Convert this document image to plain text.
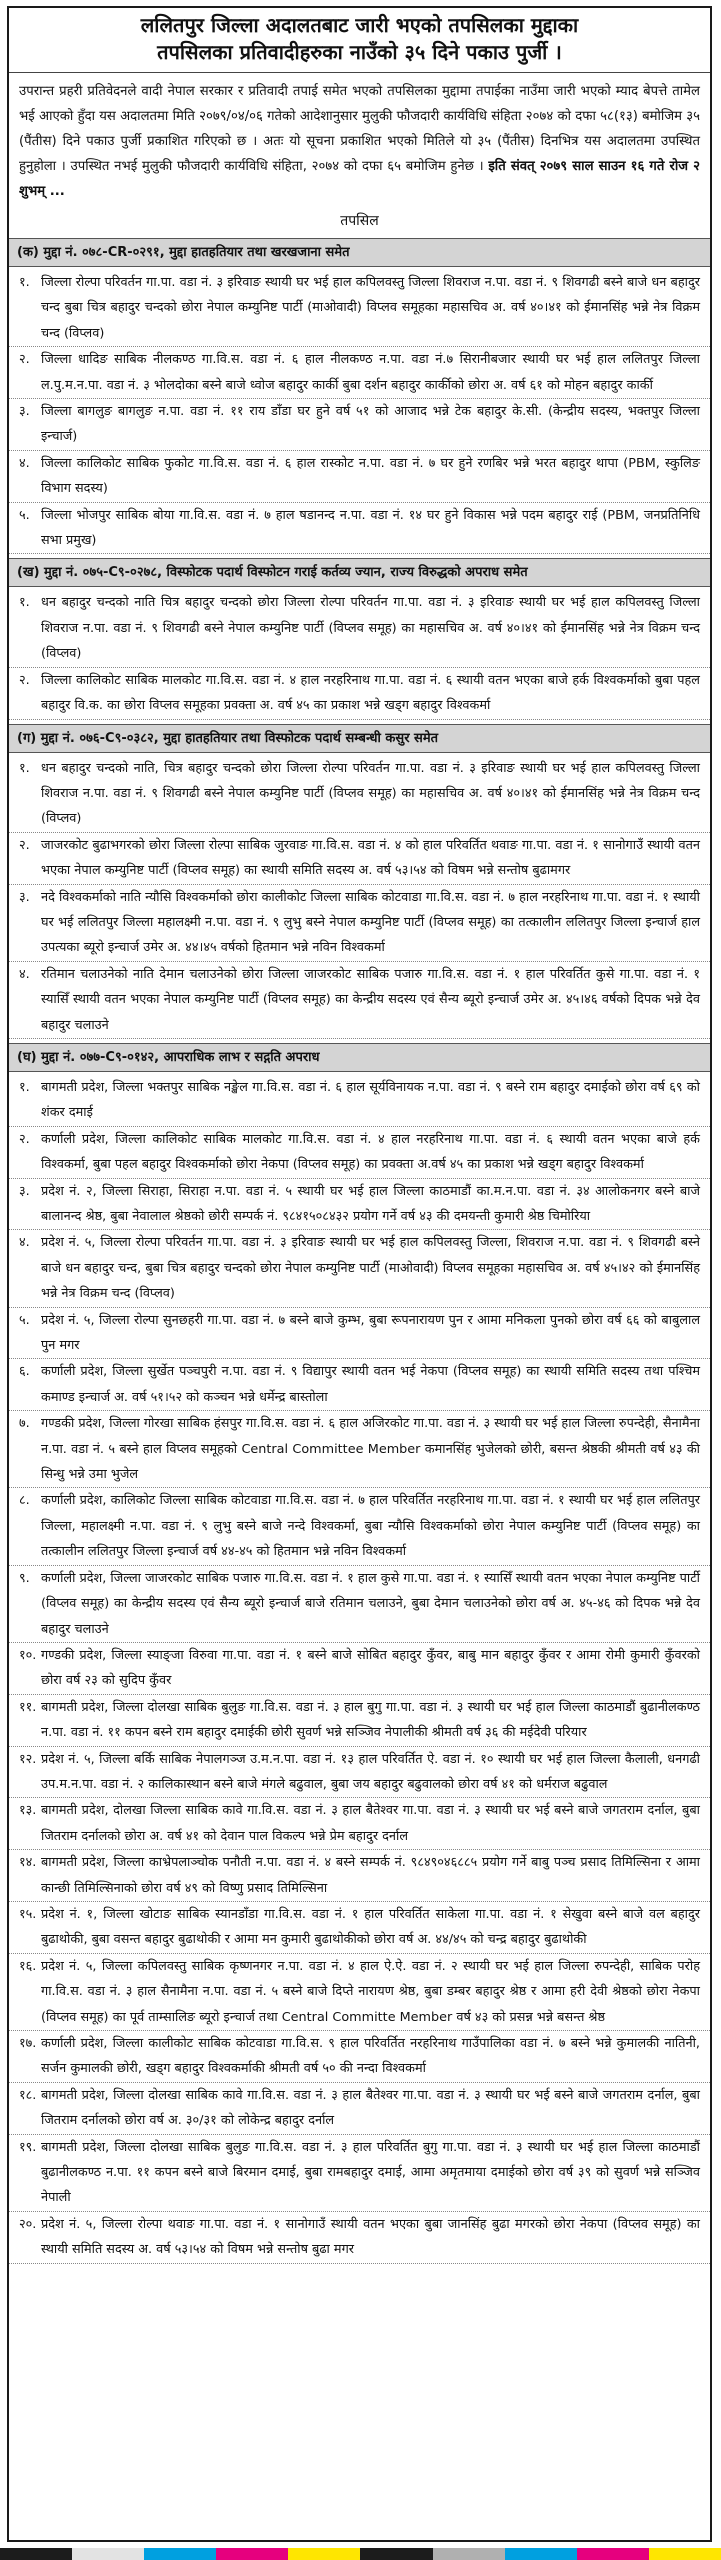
ललितपुर जिल्ला अदालतबाट जारी भएको तपसिलका मुद्दाका
तपसिलका प्रतिवादीहरुका नाउँको ३५ दिने पकाउ पुर्जी ।
उपरान्त प्रहरी प्रतिवेदनले वादी नेपाल सरकार र प्रतिवादी तपाई समेत भएको तपसिलका मुद्दामा तपाईका नाउँमा जारी भएको म्याद बेपत्ते तामेल भई आएको हुँदा यस अदालतमा मिति २०७९/०४/०६ गतेको आदेशानुसार मुलुकी फौजदारी कार्यविधि संहिता २०७४ को दफा ५८(१३) बमोजिम ३५ (पैंतीस) दिने पकाउ पुर्जी प्रकाशित गरिएको छ । अतः यो सूचना प्रकाशित भएको मितिले यो ३५ (पैंतीस) दिनभित्र यस अदालतमा उपस्थित हुनुहोला । उपस्थित नभई मुलुकी फौजदारी कार्यविधि संहिता, २०७४ को दफा ६५ बमोजिम हुनेछ । इति संवत् २०७९ साल साउन १६ गते रोज २ शुभम् ...
तपसिल
(क) मुद्दा नं. ०७८-CR-०२९१, मुद्दा हातहतियार तथा खरखजाना समेत
१. जिल्ला रोल्पा परिवर्तन गा.पा. वडा नं. ३ इरिवाङ स्थायी घर भई हाल कपिलवस्तु जिल्ला शिवराज न.पा. वडा नं. ९ शिवगढी बस्ने बाजे धन बहादुर चन्द बुबा चित्र बहादुर चन्दको छोरा नेपाल कम्युनिष्ट पार्टी (माओवादी) विप्लव समूहका महासचिव अ. वर्ष ४०।४१ को ईमानसिंह भन्ने नेत्र विक्रम चन्द (विप्लव)
२. जिल्ला धादिङ साबिक नीलकण्ठ गा.वि.स. वडा नं. ६ हाल नीलकण्ठ न.पा. वडा नं.७ सिरानीबजार स्थायी घर भई हाल ललितपुर जिल्ला ल.पु.म.न.पा. वडा नं. ३ भोलदोका बस्ने बाजे ध्वोज बहादुर कार्की बुबा दर्शन बहादुर कार्कीको छोरा अ. वर्ष ६१ को मोहन बहादुर कार्की
३. जिल्ला बागलुङ बागलुङ न.पा. वडा नं. ११ राय डाँडा घर हुने वर्ष ५१ को आजाद भन्ने टेक बहादुर के.सी. (केन्द्रीय सदस्य, भक्तपुर जिल्ला इन्चार्ज)
४. जिल्ला कालिकोट साबिक फुकोट गा.वि.स. वडा नं. ६ हाल रास्कोट न.पा. वडा नं. ७ घर हुने रणबिर भन्ने भरत बहादुर थापा (PBM, स्कुलिङ विभाग सदस्य)
५. जिल्ला भोजपुर साबिक बोया गा.वि.स. वडा नं. ७ हाल षडानन्द न.पा. वडा नं. १४ घर हुने विकास भन्ने पदम बहादुर राई (PBM, जनप्रतिनिधि सभा प्रमुख)
(ख) मुद्दा नं. ०७५-C९-०२७८, विस्फोटक पदार्थ विस्फोटन गराई कर्तव्य ज्यान, राज्य विरुद्धको अपराध समेत
१. धन बहादुर चन्दको नाति चित्र बहादुर चन्दको छोरा जिल्ला रोल्पा परिवर्तन गा.पा. वडा नं. ३ इरिवाङ स्थायी घर भई हाल कपिलवस्तु जिल्ला शिवराज न.पा. वडा नं. ९ शिवगढी बस्ने नेपाल कम्युनिष्ट पार्टी (विप्लव समूह) का महासचिव अ. वर्ष ४०।४१ को ईमानसिंह भन्ने नेत्र विक्रम चन्द (विप्लव)
२. जिल्ला कालिकोट साबिक मालकोट गा.वि.स. वडा नं. ४ हाल नरहरिनाथ गा.पा. वडा नं. ६ स्थायी वतन भएका बाजे हर्क विश्वकर्माको बुबा पहल बहादुर वि.क. का छोरा विप्लव समूहका प्रवक्ता अ. वर्ष ४५ का प्रकाश भन्ने खड्ग बहादुर विश्वकर्मा
(ग) मुद्दा नं. ०७६-C९-०३८२, मुद्दा हातहतियार तथा विस्फोटक पदार्थ सम्बन्धी कसुर समेत
१. धन बहादुर चन्दको नाति, चित्र बहादुर चन्दको छोरा जिल्ला रोल्पा परिवर्तन गा.पा. वडा नं. ३ इरिवाङ स्थायी घर भई हाल कपिलवस्तु जिल्ला शिवराज न.पा. वडा नं. ९ शिवगढी बस्ने नेपाल कम्युनिष्ट पार्टी (विप्लव समूह) का महासचिव अ. वर्ष ४०।४१ को ईमानसिंह भन्ने नेत्र विक्रम चन्द (विप्लव)
२. जाजरकोट बुढाभगरको छोरा जिल्ला रोल्पा साबिक जुरवाङ गा.वि.स. वडा नं. ४ को हाल परिवर्तित थवाङ गा.पा. वडा नं. १ सानोगाउँ स्थायी वतन भएका नेपाल कम्युनिष्ट पार्टी (विप्लव समूह) का स्थायी समिति सदस्य अ. वर्ष ५३।५४ को विषम भन्ने सन्तोष बुढामगर
३. नदे विश्वकर्माको नाति न्यौसि विश्वकर्माको छोरा कालीकोट जिल्ला साबिक कोटवाडा गा.वि.स. वडा नं. ७ हाल नरहरिनाथ गा.पा. वडा नं. १ स्थायी घर भई ललितपुर जिल्ला महालक्ष्मी न.पा. वडा नं. ९ लुभु बस्ने नेपाल कम्युनिष्ट पार्टी (विप्लव समूह) का तत्कालीन ललितपुर जिल्ला इन्चार्ज हाल उपत्यका ब्यूरो इन्चार्ज उमेर अ. ४४।४५ वर्षको हितमान भन्ने नविन विश्वकर्मा
४. रतिमान चलाउनेको नाति देमान चलाउनेको छोरा जिल्ला जाजरकोट साबिक पजारु गा.वि.स. वडा नं. १ हाल परिवर्तित कुसे गा.पा. वडा नं. १ स्यासिँ स्थायी वतन भएका नेपाल कम्युनिष्ट पार्टी (विप्लव समूह) का केन्द्रीय सदस्य एवं सैन्य ब्यूरो इन्चार्ज उमेर अ. ४५।४६ वर्षको दिपक भन्ने देव बहादुर चलाउने
(घ) मुद्दा नं. ०७७-C९-०१४२, आपराधिक लाभ र सद्गति अपराध
१. बागमती प्रदेश, जिल्ला भक्तपुर साबिक नङ्खेल गा.वि.स. वडा नं. ६ हाल सूर्यविनायक न.पा. वडा नं. ९ बस्ने राम बहादुर दमाईको छोरा वर्ष ६९ को शंकर दमाई
२. कर्णाली प्रदेश, जिल्ला कालिकोट साबिक मालकोट गा.वि.स. वडा नं. ४ हाल नरहरिनाथ गा.पा. वडा नं. ६ स्थायी वतन भएका बाजे हर्क विश्वकर्मा, बुबा पहल बहादुर विश्वकर्माको छोरा नेकपा (विप्लव समूह) का प्रवक्ता अ.वर्ष ४५ का प्रकाश भन्ने खड्ग बहादुर विश्वकर्मा
३. प्रदेश नं. २, जिल्ला सिराहा, सिराहा न.पा. वडा नं. ५ स्थायी घर भई हाल जिल्ला काठमाडौं का.म.न.पा. वडा नं. ३४ आलोकनगर बस्ने बाजे बालानन्द श्रेष्ठ, बुबा नेवालाल श्रेष्ठको छोरी सम्पर्क नं. ९८४१५०८४३२ प्रयोग गर्ने वर्ष ४३ की दमयन्ती कुमारी श्रेष्ठ चिमोरिया
४. प्रदेश नं. ५, जिल्ला रोल्पा परिवर्तन गा.पा. वडा नं. ३ इरिवाङ स्थायी घर भई हाल कपिलवस्तु जिल्ला, शिवराज न.पा. वडा नं. ९ शिवगढी बस्ने बाजे धन बहादुर चन्द, बुबा चित्र बहादुर चन्दको छोरा नेपाल कम्युनिष्ट पार्टी (माओवादी) विप्लव समूहका महासचिव अ. वर्ष ४५।४२ को ईमानसिंह भन्ने नेत्र विक्रम चन्द (विप्लव)
५. प्रदेश नं. ५, जिल्ला रोल्पा सुनछहरी गा.पा. वडा नं. ७ बस्ने बाजे कुम्भ, बुबा रूपनारायण पुन र आमा मनिकला पुनको छोरा वर्ष ६६ को बाबुलाल पुन मगर
६. कर्णाली प्रदेश, जिल्ला सुर्खेत पञ्चपुरी न.पा. वडा नं. ९ विद्यापुर स्थायी वतन भई नेकपा (विप्लव समूह) का स्थायी समिति सदस्य तथा पश्चिम कमाण्ड इन्चार्ज अ. वर्ष ५१।५२ को कञ्चन भन्ने धर्मेन्द्र बास्तोला
७. गण्डकी प्रदेश, जिल्ला गोरखा साबिक हंसपुर गा.वि.स. वडा नं. ६ हाल अजिरकोट गा.पा. वडा नं. ३ स्थायी घर भई हाल जिल्ला रुपन्देही, सैनामैना न.पा. वडा नं. ५ बस्ने हाल विप्लव समूहको Central Committee Member कमानसिंह भुजेलको छोरी, बसन्त श्रेष्ठकी श्रीमती वर्ष ४३ की सिन्धु भन्ने उमा भुजेल
८. कर्णाली प्रदेश, कालिकोट जिल्ला साबिक कोटवाडा गा.वि.स. वडा नं. ७ हाल परिवर्तित नरहरिनाथ गा.पा. वडा नं. १ स्थायी घर भई हाल ललितपुर जिल्ला, महालक्ष्मी न.पा. वडा नं. ९ लुभु बस्ने बाजे नन्दे विश्वकर्मा, बुबा न्यौसि विश्वकर्माको छोरा नेपाल कम्युनिष्ट पार्टी (विप्लव समूह) का तत्कालीन ललितपुर जिल्ला इन्चार्ज वर्ष ४४-४५ को हितमान भन्ने नविन विश्वकर्मा
९. कर्णाली प्रदेश, जिल्ला जाजरकोट साबिक पजारु गा.वि.स. वडा नं. १ हाल कुसे गा.पा. वडा नं. १ स्यासिँ स्थायी वतन भएका नेपाल कम्युनिष्ट पार्टी (विप्लव समूह) का केन्द्रीय सदस्य एवं सैन्य ब्यूरो इन्चार्ज बाजे रतिमान चलाउने, बुबा देमान चलाउनेको छोरा वर्ष अ. ४५-४६ को दिपक भन्ने देव बहादुर चलाउने
१०. गण्डकी प्रदेश, जिल्ला स्याङ्जा विरुवा गा.पा. वडा नं. १ बस्ने बाजे सोबित बहादुर कुँवर, बाबु मान बहादुर कुँवर र आमा रोमी कुमारी कुँवरको छोरा वर्ष २३ को सुदिप कुँवर
११. बागमती प्रदेश, जिल्ला दोलखा साबिक बुलुङ गा.वि.स. वडा नं. ३ हाल बुगु गा.पा. वडा नं. ३ स्थायी घर भई हाल जिल्ला काठमाडौं बुढानीलकण्ठ न.पा. वडा नं. ११ कपन बस्ने राम बहादुर दमाईकी छोरी सुवर्ण भन्ने सञ्जिव नेपालीकी श्रीमती वर्ष ३६ की मईदेवी परियार
१२. प्रदेश नं. ५, जिल्ला बर्कि साबिक नेपालगञ्ज उ.म.न.पा. वडा नं. १३ हाल परिवर्तित ऐ. वडा नं. १० स्थायी घर भई हाल जिल्ला कैलाली, धनगढी उप.म.न.पा. वडा नं. २ कालिकास्थान बस्ने बाजे मंगले बढुवाल, बुबा जय बहादुर बढुवालको छोरा वर्ष ४१ को धर्मराज बढुवाल
१३. बागमती प्रदेश, दोलखा जिल्ला साबिक कावे गा.वि.स. वडा नं. ३ हाल बैतेश्वर गा.पा. वडा नं. ३ स्थायी घर भई बस्ने बाजे जगतराम दर्नाल, बुबा जितराम दर्नालको छोरा अ. वर्ष ४१ को देवान पाल विकल्प भन्ने प्रेम बहादुर दर्नाल
१४. बागमती प्रदेश, जिल्ला काभ्रेपलाञ्चोक पनौती न.पा. वडा नं. ४ बस्ने सम्पर्क नं. ९८४९०४६८८५ प्रयोग गर्ने बाबु पञ्च प्रसाद तिमिल्सिना र आमा कान्छी तिमिल्सिनाको छोरा वर्ष ४९ को विष्णु प्रसाद तिमिल्सिना
१५. प्रदेश नं. १, जिल्ला खोटाङ साबिक स्यानडाँडा गा.वि.स. वडा नं. १ हाल परिवर्तित साकेला गा.पा. वडा नं. १ सेखुवा बस्ने बाजे वल बहादुर बुढाथोकी, बुबा वसन्त बहादुर बुढाथोकी र आमा मन कुमारी बुढाथोकीको छोरा वर्ष अ. ४४/४५ को चन्द्र बहादुर बुढाथोकी
१६. प्रदेश नं. ५, जिल्ला कपिलवस्तु साबिक कृष्णनगर न.पा. वडा नं. ४ हाल ऐ.ऐ. वडा नं. २ स्थायी घर भई हाल जिल्ला रुपन्देही, साबिक परोह गा.वि.स. वडा नं. ३ हाल सैनामैना न.पा. वडा नं. ५ बस्ने बाजे दिप्ते नारायण श्रेष्ठ, बुबा डम्बर बहादुर श्रेष्ठ र आमा हरी देवी श्रेष्ठको छोरा नेकपा (विप्लव समूह) का पूर्व ताम्सालिङ ब्यूरो इन्चार्ज तथा Central Committe Member वर्ष ४३ को प्रसन्न भन्ने बसन्त श्रेष्ठ
१७. कर्णाली प्रदेश, जिल्ला कालीकोट साबिक कोटवाडा गा.वि.स. ९ हाल परिवर्तित नरहरिनाथ गाउँपालिका वडा नं. ७ बस्ने भन्ने कुमालकी नातिनी, सर्जन कुमालकी छोरी, खड्ग बहादुर विश्वकर्माकी श्रीमती वर्ष ५० की नन्दा विश्वकर्मा
१८. बागमती प्रदेश, जिल्ला दोलखा साबिक कावे गा.वि.स. वडा नं. ३ हाल बैतेश्वर गा.पा. वडा नं. ३ स्थायी घर भई बस्ने बाजे जगतराम दर्नाल, बुबा जितराम दर्नालको छोरा वर्ष अ. ३०/३१ को लोकेन्द्र बहादुर दर्नाल
१९. बागमती प्रदेश, जिल्ला दोलखा साबिक बुलुङ गा.वि.स. वडा नं. ३ हाल परिवर्तित बुगु गा.पा. वडा नं. ३ स्थायी घर भई हाल जिल्ला काठमाडौं बुढानीलकण्ठ न.पा. ११ कपन बस्ने बाजे बिरमान दमाई, बुबा रामबहादुर दमाई, आमा अमृतमाया दमाईको छोरा वर्ष ३९ को सुवर्ण भन्ने सञ्जिव नेपाली
२०. प्रदेश नं. ५, जिल्ला रोल्पा थवाङ गा.पा. वडा नं. १ सानोगाउँ स्थायी वतन भएका बुबा जानसिंह बुढा मगरको छोरा नेकपा (विप्लव समूह) का स्थायी समिति सदस्य अ. वर्ष ५३।५४ को विषम भन्ने सन्तोष बुढा मगर
